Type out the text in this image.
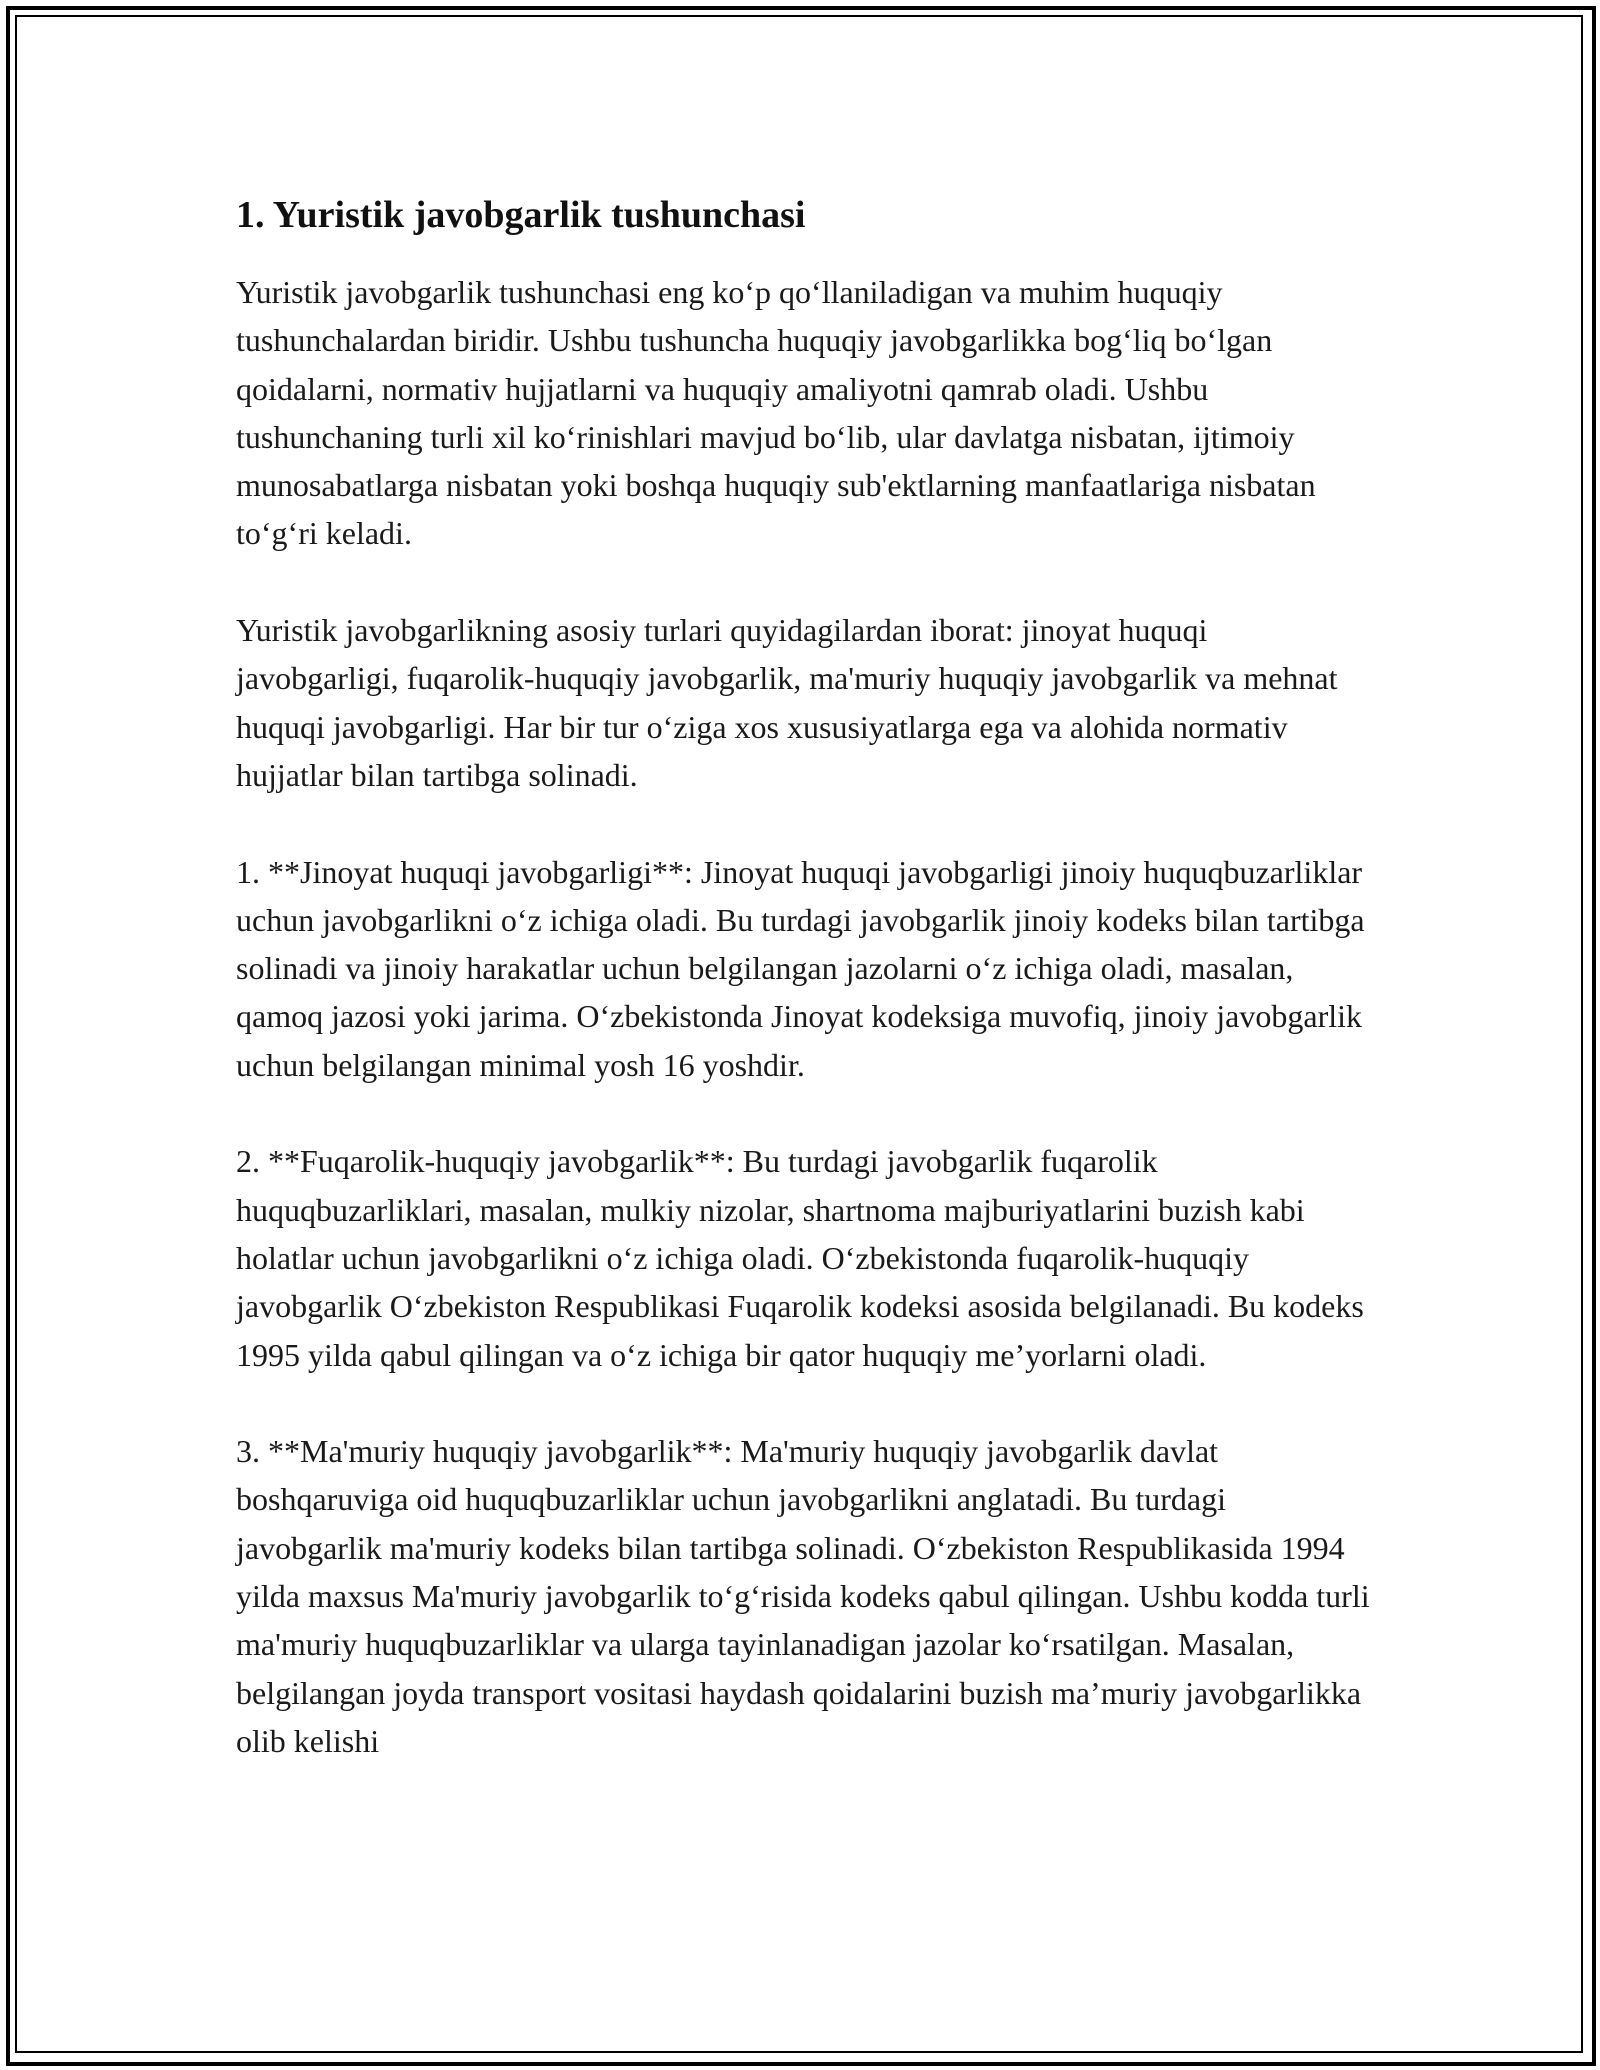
1. Yuristik javobgarlik tushunchasi

Yuristik javobgarlik tushunchasi eng koʻp qoʻllaniladigan va muhim huquqiy tushunchalardan biridir. Ushbu tushuncha huquqiy javobgarlikka bogʻliq boʻlgan qoidalarni, normativ hujjatlarni va huquqiy amaliyotni qamrab oladi. Ushbu tushunchaning turli xil koʻrinishlari mavjud boʻlib, ular davlatga nisbatan, ijtimoiy munosabatlarga nisbatan yoki boshqa huquqiy sub'ektlarning manfaatlariga nisbatan toʻgʻri keladi.

Yuristik javobgarlikning asosiy turlari quyidagilardan iborat: jinoyat huquqi javobgarligi, fuqarolik-huquqiy javobgarlik, ma'muriy huquqiy javobgarlik va mehnat huquqi javobgarligi. Har bir tur oʻziga xos xususiyatlarga ega va alohida normativ hujjatlar bilan tartibga solinadi.

1. **Jinoyat huquqi javobgarligi**: Jinoyat huquqi javobgarligi jinoiy huquqbuzarliklar uchun javobgarlikni oʻz ichiga oladi. Bu turdagi javobgarlik jinoiy kodeks bilan tartibga solinadi va jinoiy harakatlar uchun belgilangan jazolarni oʻz ichiga oladi, masalan, qamoq jazosi yoki jarima. Oʻzbekistonda Jinoyat kodeksiga muvofiq, jinoiy javobgarlik uchun belgilangan minimal yosh 16 yoshdir.

2. **Fuqarolik-huquqiy javobgarlik**: Bu turdagi javobgarlik fuqarolik huquqbuzarliklari, masalan, mulkiy nizolar, shartnoma majburiyatlarini buzish kabi holatlar uchun javobgarlikni oʻz ichiga oladi. Oʻzbekistonda fuqarolik-huquqiy javobgarlik Oʻzbekiston Respublikasi Fuqarolik kodeksi asosida belgilanadi. Bu kodeks 1995 yilda qabul qilingan va oʻz ichiga bir qator huquqiy me’yorlarni oladi.

3. **Ma'muriy huquqiy javobgarlik**: Ma'muriy huquqiy javobgarlik davlat boshqaruviga oid huquqbuzarliklar uchun javobgarlikni anglatadi. Bu turdagi javobgarlik ma'muriy kodeks bilan tartibga solinadi. Oʻzbekiston Respublikasida 1994 yilda maxsus Ma'muriy javobgarlik toʻgʻrisida kodeks qabul qilingan. Ushbu kodda turli ma'muriy huquqbuzarliklar va ularga tayinlanadigan jazolar koʻrsatilgan. Masalan, belgilangan joyda transport vositasi haydash qoidalarini buzish ma’muriy javobgarlikka olib kelishi
